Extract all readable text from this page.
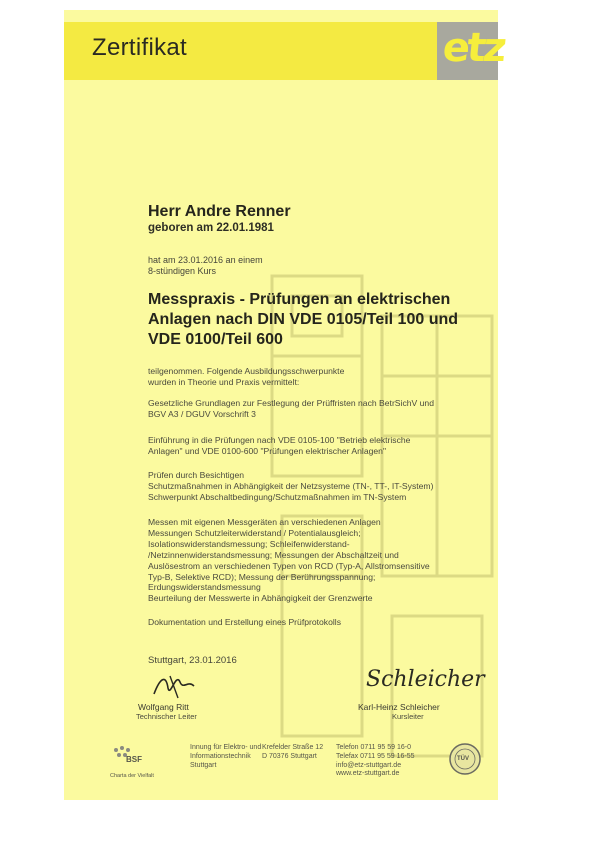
Zertifikat	etz
Herr Andre Renner
geboren am 22.01.1981
hat am 23.01.2016 an einem
8-stündigen Kurs
Messpraxis - Prüfungen an elektrischen
Anlagen nach DIN VDE 0105/Teil 100 und
VDE 0100/Teil 600
teilgenommen. Folgende Ausbildungsschwerpunkte
wurden in Theorie und Praxis vermittelt:
Gesetzliche Grundlagen zur Festlegung der Prüffristen nach BetrSichV und
BGV A3 / DGUV Vorschrift 3
Einführung in die Prüfungen nach VDE 0105-100 "Betrieb elektrische
Anlagen" und VDE 0100-600 "Prüfungen elektrischer Anlagen"
Prüfen durch Besichtigen
Schutzmaßnahmen in Abhängigkeit der Netzsysteme (TN-, TT-, IT-System)
Schwerpunkt Abschaltbedingung/Schutzmaßnahmen im TN-System
Messen mit eigenen Messgeräten an verschiedenen Anlagen
Messungen Schutzleiterwiderstand / Potentialausgleich;
Isolationswiderstandsmessung; Schleifenwiderstand-
/Netzinnenwiderstandsmessung; Messungen der Abschaltzeit und
Auslösestrom an verschiedenen Typen von RCD (Typ-A, Allstromsensitive
Typ-B, Selektive RCD); Messung der Berührungsspannung;
Erdungswiderstandsmessung
Beurteilung der Messwerte in Abhängigkeit der Grenzwerte
Dokumentation und Erstellung eines Prüfprotokolls
Stuttgart, 23.01.2016
Schleicher
Wolfgang Ritt
Technischer Leiter
Karl-Heinz Schleicher
Kursleiter
BSF
Charta der Vielfalt
Innung für Elektro- und
Informationstechnik
Stuttgart
Krefelder Straße 12
D 70376 Stuttgart
Telefon 0711 95 59 16-0
Telefax 0711 95 59 16-55
info@etz-stuttgart.de
www.etz-stuttgart.de
TÜV
